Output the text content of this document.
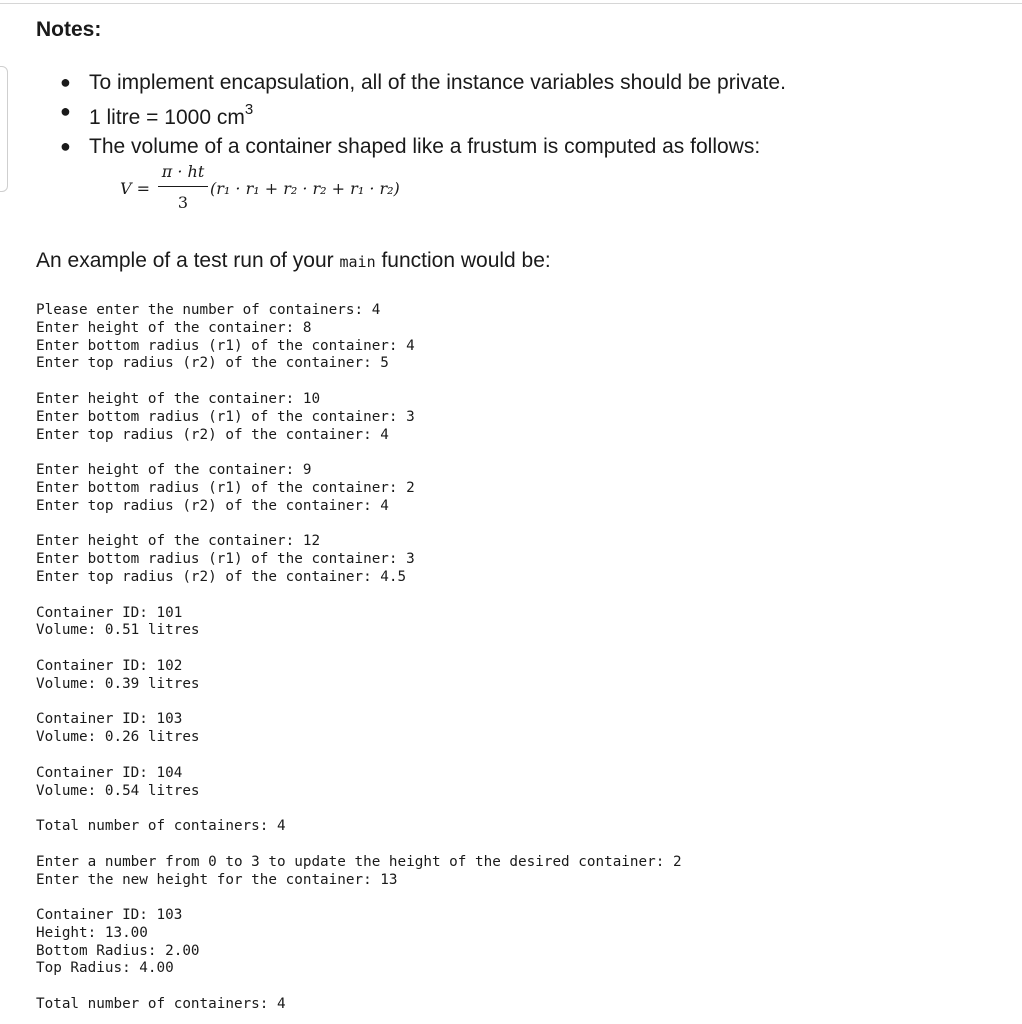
Notes:
● To implement encapsulation, all of the instance variables should be private.
● 1 litre = 1000 $cm^3$
● The volume of a container shaped like a frustum is computed as follows:
V =
π · ht
3
(r₁ · r₁ + r₂ · r₂ + r₁ · r₂)
An example of a test run of your main function would be:
Please enter the number of containers: 4
Enter height of the container: 8
Enter bottom radius (r1) of the container: 4
Enter top radius (r2) of the container: 5

Enter height of the container: 10
Enter bottom radius (r1) of the container: 3
Enter top radius (r2) of the container: 4

Enter height of the container: 9
Enter bottom radius (r1) of the container: 2
Enter top radius (r2) of the container: 4

Enter height of the container: 12
Enter bottom radius (r1) of the container: 3
Enter top radius (r2) of the container: 4.5

Container ID: 101
Volume: 0.51 litres

Container ID: 102
Volume: 0.39 litres

Container ID: 103
Volume: 0.26 litres

Container ID: 104
Volume: 0.54 litres

Total number of containers: 4

Enter a number from 0 to 3 to update the height of the desired container: 2
Enter the new height for the container: 13

Container ID: 103
Height: 13.00
Bottom Radius: 2.00
Top Radius: 4.00

Total number of containers: 4
